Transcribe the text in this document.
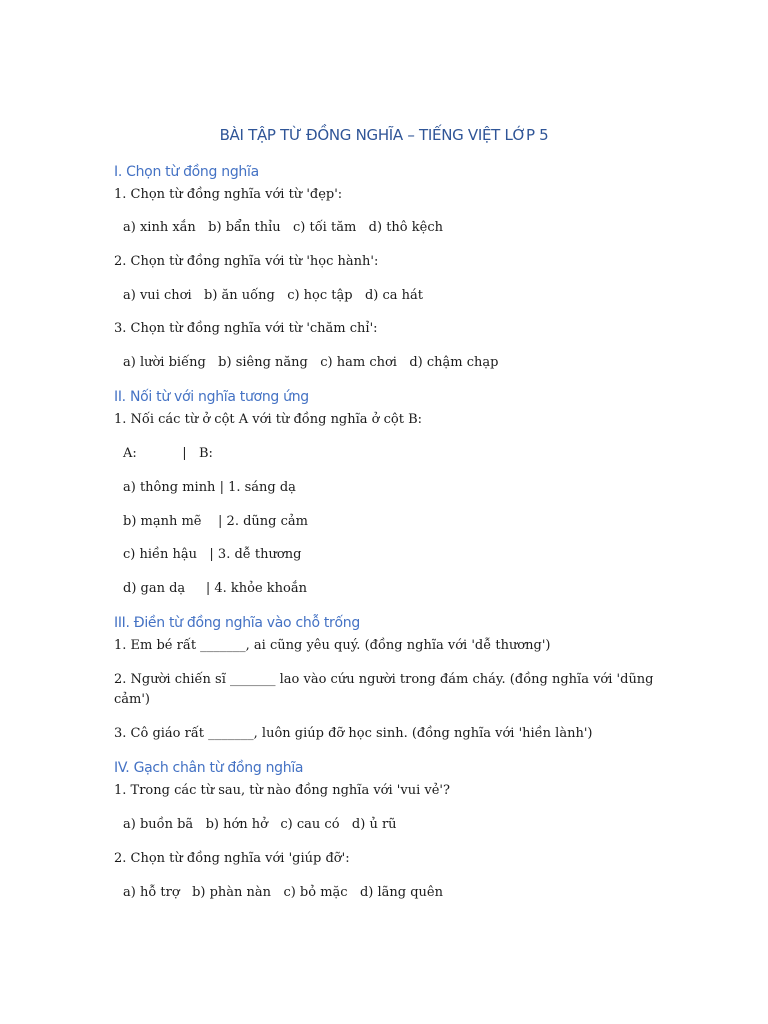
BÀI TẬP TỪ ĐỒNG NGHĨA – TIẾNG VIỆT LỚP 5

I. Chọn từ đồng nghĩa

1. Chọn từ đồng nghĩa với từ 'đẹp':

a) xinh xắn   b) bẩn thỉu   c) tối tăm   d) thô kệch

2. Chọn từ đồng nghĩa với từ 'học hành':

a) vui chơi   b) ăn uống   c) học tập   d) ca hát

3. Chọn từ đồng nghĩa với từ 'chăm chỉ':

a) lười biếng   b) siêng năng   c) ham chơi   d) chậm chạp

II. Nối từ với nghĩa tương ứng

1. Nối các từ ở cột A với từ đồng nghĩa ở cột B:

A:           |   B:

a) thông minh | 1. sáng dạ

b) mạnh mẽ    | 2. dũng cảm

c) hiền hậu   | 3. dễ thương

d) gan dạ     | 4. khỏe khoắn

III. Điền từ đồng nghĩa vào chỗ trống

1. Em bé rất _______, ai cũng yêu quý. (đồng nghĩa với 'dễ thương')

2. Người chiến sĩ _______ lao vào cứu người trong đám cháy. (đồng nghĩa với 'dũng cảm')

3. Cô giáo rất _______, luôn giúp đỡ học sinh. (đồng nghĩa với 'hiền lành')

IV. Gạch chân từ đồng nghĩa

1. Trong các từ sau, từ nào đồng nghĩa với 'vui vẻ'?

a) buồn bã   b) hớn hở   c) cau có   d) ủ rũ

2. Chọn từ đồng nghĩa với 'giúp đỡ':

a) hỗ trợ   b) phàn nàn   c) bỏ mặc   d) lãng quên
